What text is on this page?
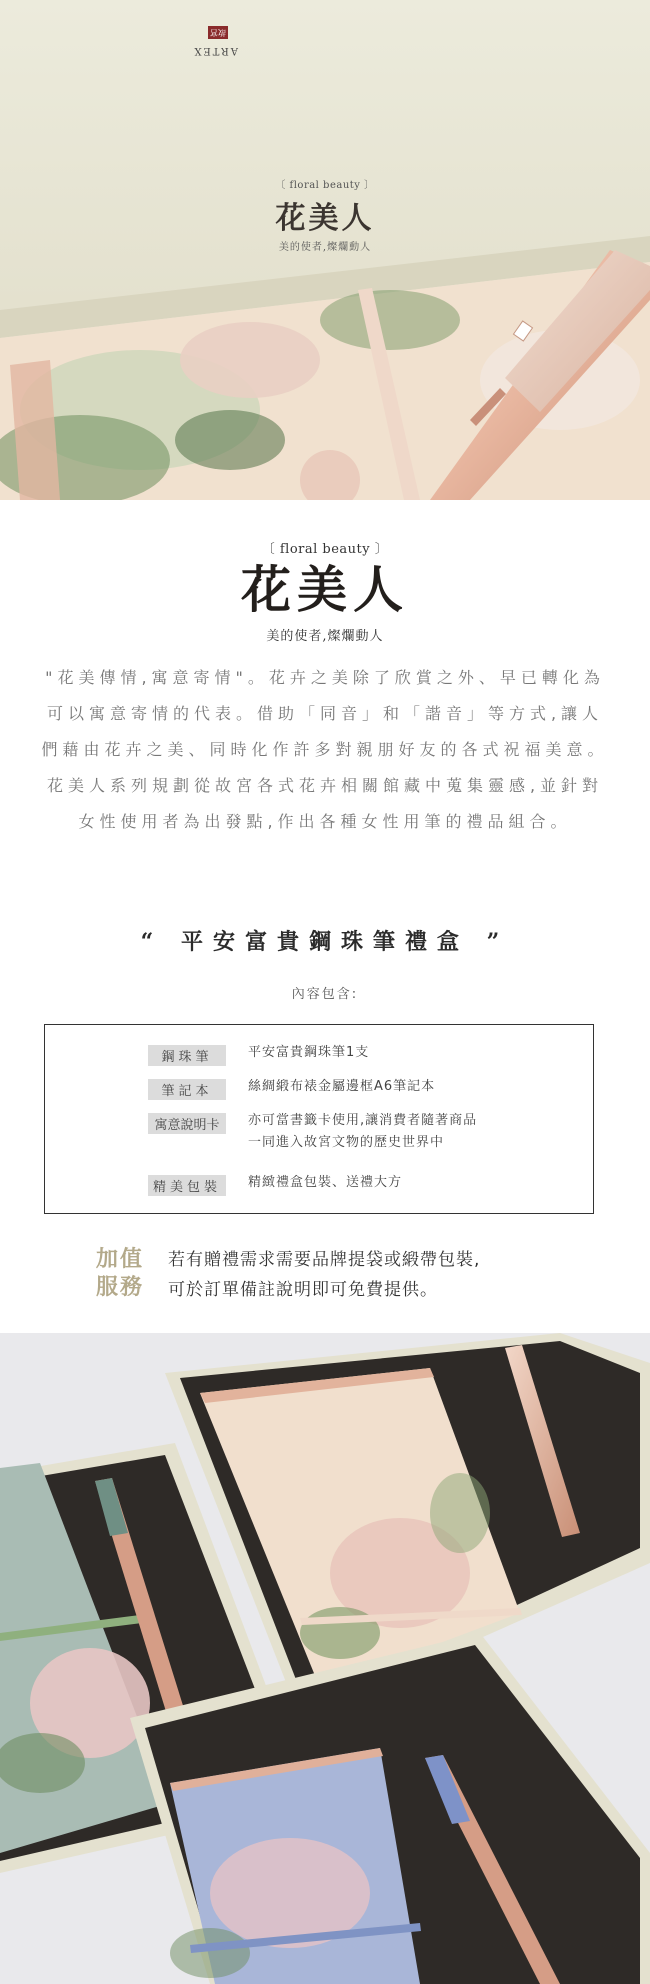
ARTEX
故宮
〔 floral beauty 〕
花美人
美的使者,燦爛動人
〔 floral beauty 〕
花美人
美的使者,燦爛動人

"花美傳情,寓意寄情"。花卉之美除了欣賞之外、早已轉化為可以寓意寄情的代表。借助「同音」和「諧音」等方式,讓人們藉由花卉之美、同時化作許多對親朋好友的各式祝福美意。

花美人系列規劃從故宮各式花卉相關館藏中蒐集靈感,並針對女性使用者為出發點,作出各種女性用筆的禮品組合。

“ 平安富貴鋼珠筆禮盒 ”
內容包含:
鋼珠筆	平安富貴鋼珠筆1支
筆記本	絲綢緞布裱金屬邊框A6筆記本
寓意說明卡 亦可當書籤卡使用,讓消費者隨著商品
一同進入故宮文物的歷史世界中
精美包裝 精緻禮盒包裝、送禮大方
加值
服務
若有贈禮需求需要品牌提袋或緞帶包裝,
可於訂單備註說明即可免費提供。
